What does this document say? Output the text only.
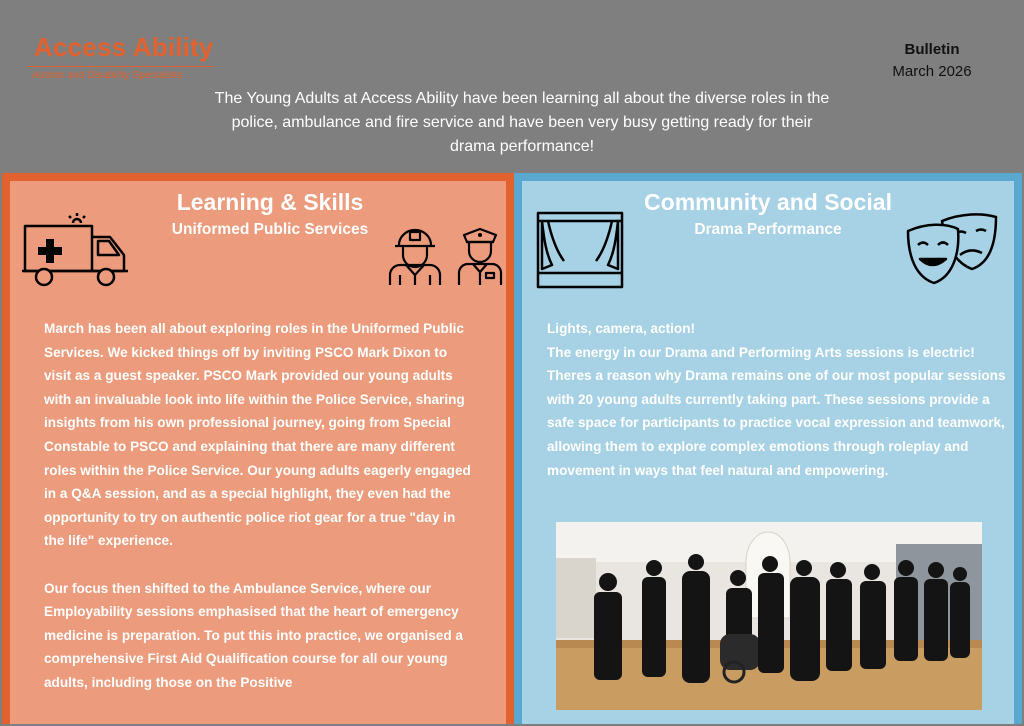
Access Ability
Autism and Disability Specialists
Bulletin
March 2026
The Young Adults at Access Ability have been learning all about the diverse roles in the police, ambulance and fire service and have been very busy getting ready for their drama performance!
Learning & Skills
Uniformed Public Services

March has been all about exploring roles in the Uniformed Public Services. We kicked things off by inviting PSCO Mark Dixon to visit as a guest speaker. PSCO Mark provided our young adults with an invaluable look into life within the Police Service, sharing insights from his own professional journey, going from Special Constable to PSCO and explaining that there are many different roles within the Police Service. Our young adults eagerly engaged in a Q&A session, and as a special highlight, they even had the opportunity to try on authentic police riot gear for a true "day in the life" experience.

Our focus then shifted to the Ambulance Service, where our Employability sessions emphasised that the heart of emergency medicine is preparation. To put this into practice, we organised a comprehensive First Aid Qualification course for all our young adults, including those on the Positive

Community and Social
Drama Performance
Lights, camera, action!
The energy in our Drama and Performing Arts sessions is electric! Theres a reason why Drama remains one of our most popular sessions with 20 young adults currently taking part. These sessions provide a safe space for participants to practice vocal expression and teamwork, allowing them to explore complex emotions through roleplay and movement in ways that feel natural and empowering.
